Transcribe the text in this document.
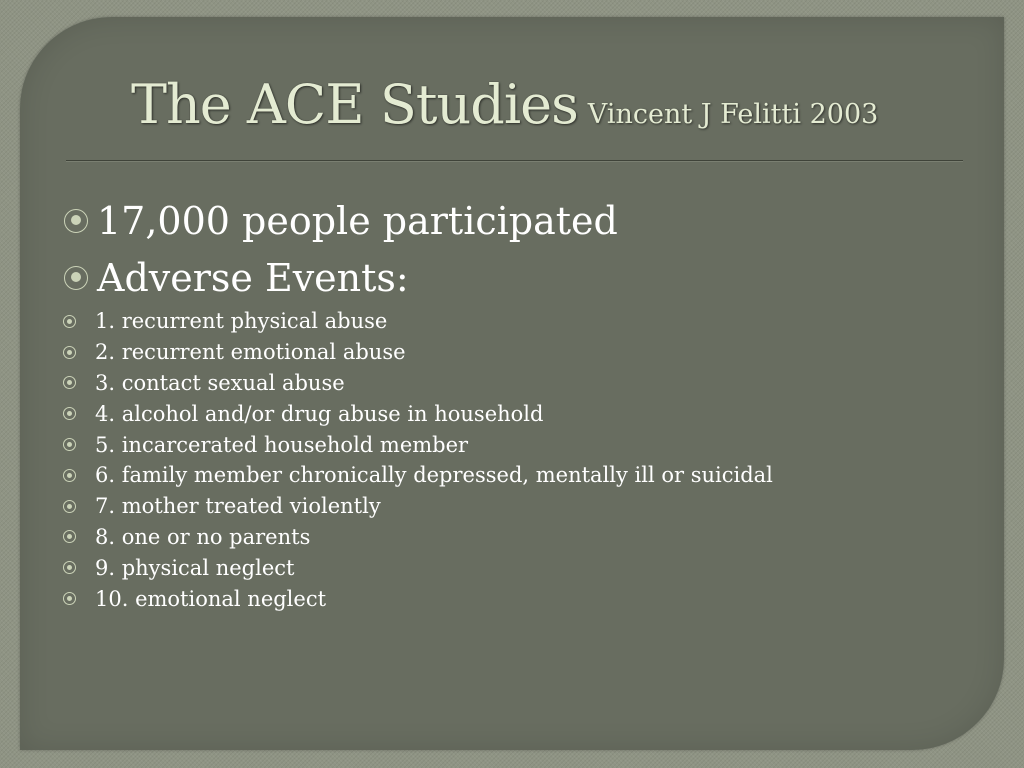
The ACE Studies Vincent J Felitti 2003
17,000 people participated
Adverse Events:
1. recurrent physical abuse
2. recurrent emotional abuse
3. contact sexual abuse
4. alcohol and/or drug abuse in household
5. incarcerated household member
6. family member chronically depressed, mentally ill or suicidal
7. mother treated violently
8. one or no parents
9. physical neglect
10. emotional neglect
